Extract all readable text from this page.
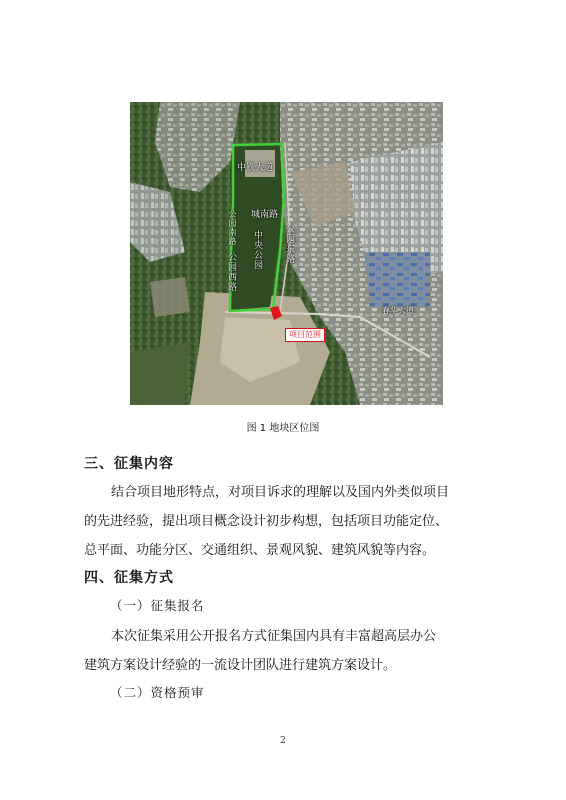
中铁大道
城南路
中央公园 公园东路
公园西路
公园南路
春华大道
项目范围
图 1 地块区位图
三、征集内容
结合项目地形特点，对项目诉求的理解以及国内外类似项目
的先进经验，提出项目概念设计初步构想，包括项目功能定位、
总平面、功能分区、交通组织、景观风貌、建筑风貌等内容。
四、征集方式
（一）征集报名
本次征集采用公开报名方式征集国内具有丰富超高层办公
建筑方案设计经验的一流设计团队进行建筑方案设计。
（二）资格预审
2
